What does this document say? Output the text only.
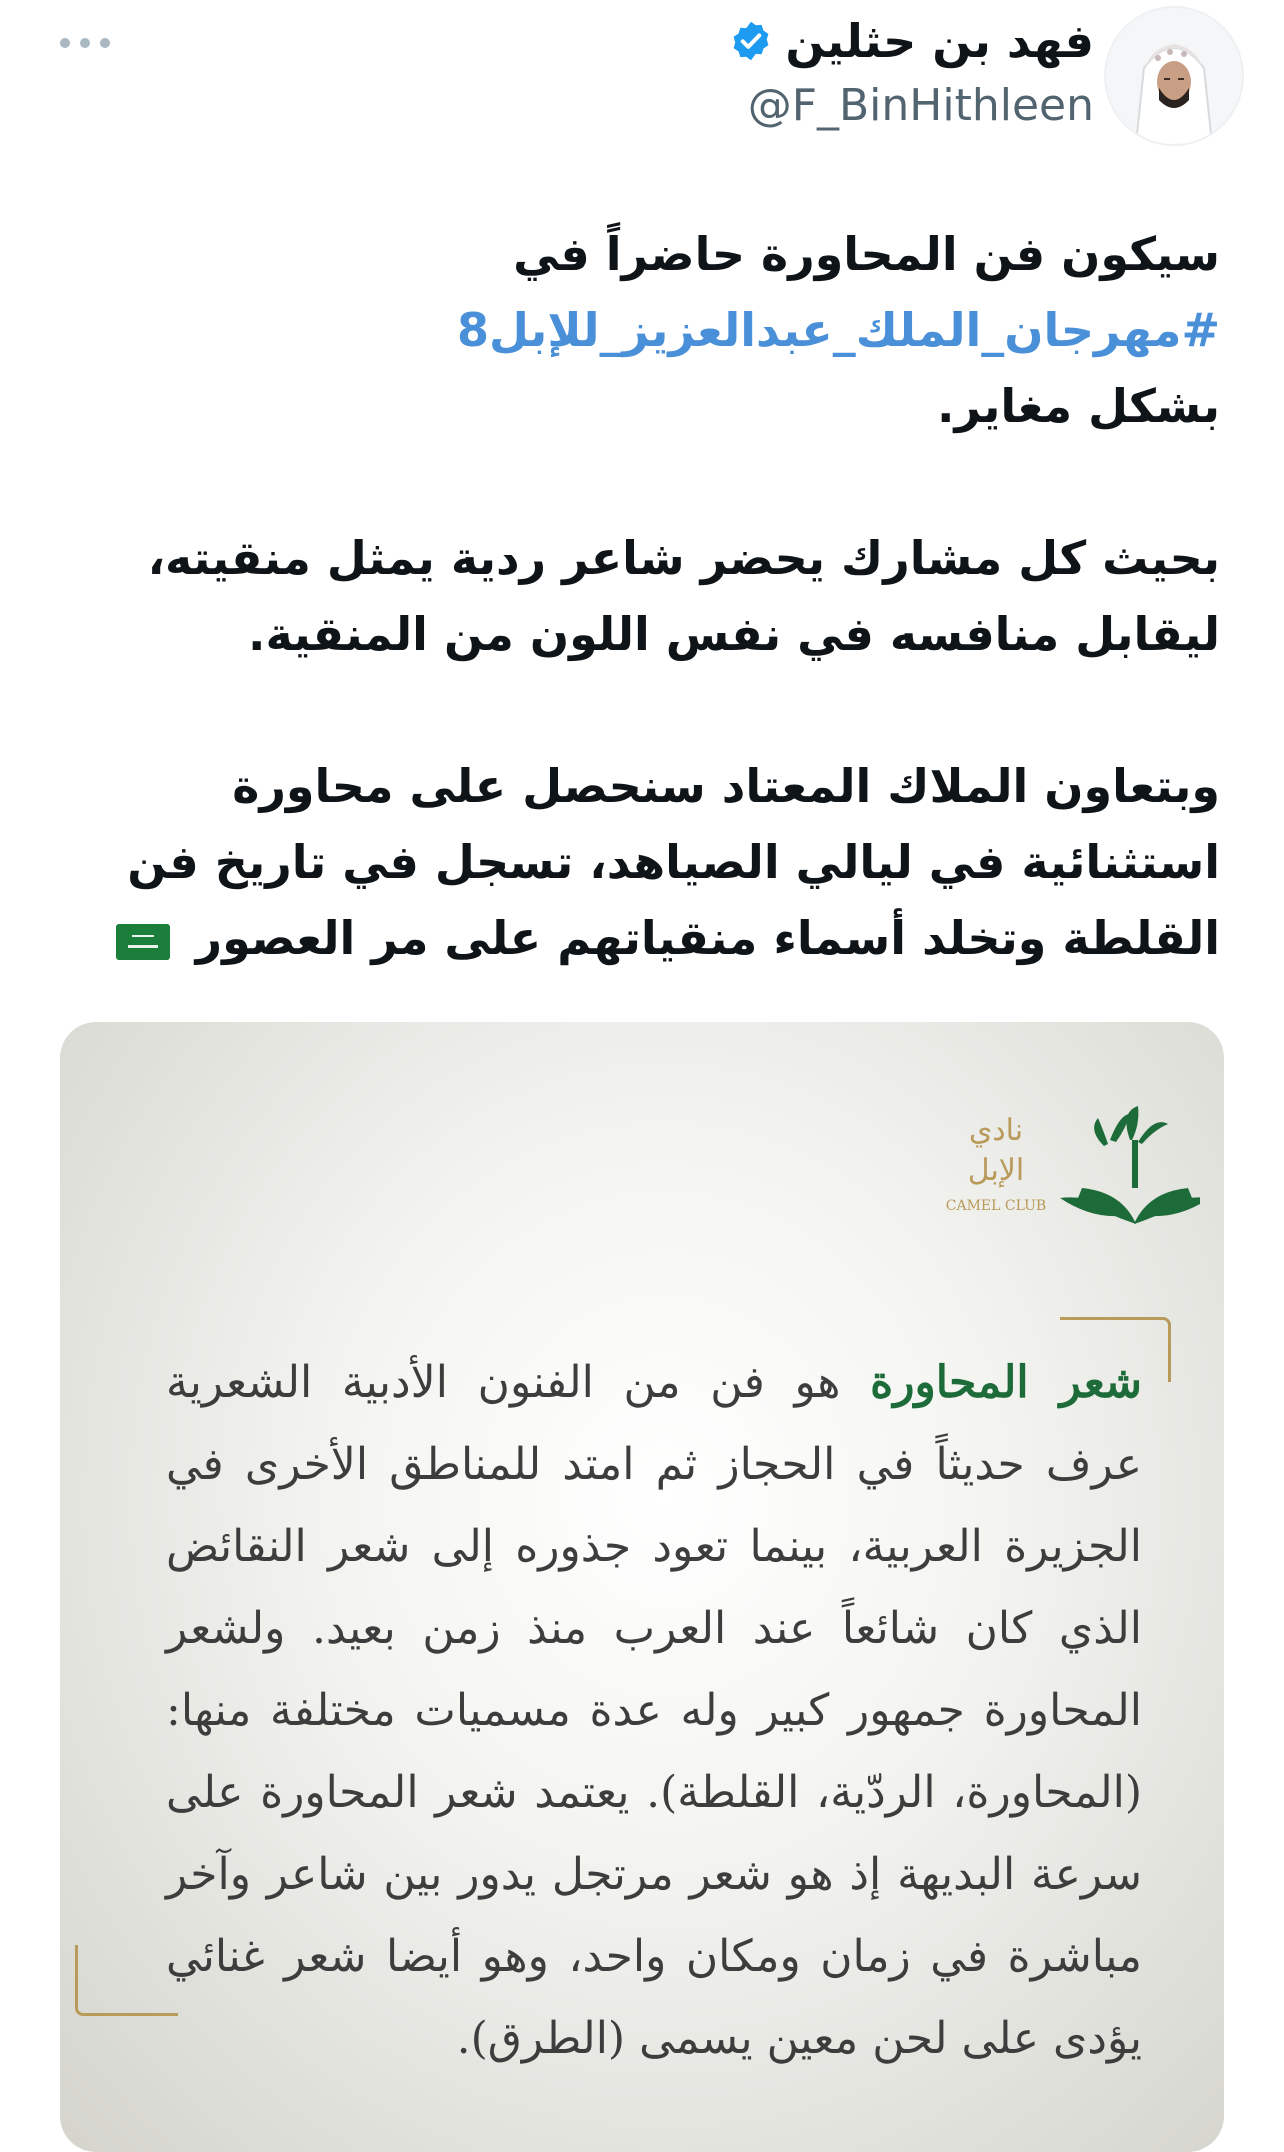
فهد بن حثلين
@F_BinHithleen

سيكون فن المحاورة حاضراً في
#مهرجان_الملك_عبدالعزيز_للإبل8
بشكل مغاير.

بحيث كل مشارك يحضر شاعر ردية يمثل منقيته، ليقابل منافسه في نفس اللون من المنقية.

وبتعاون الملاك المعتاد سنحصل على محاورة استثنائية في ليالي الصياهد، تسجل في تاريخ فن القلطة وتخلد أسماء منقياتهم على مر العصور

نادي
الإبل
CAMEL CLUB
شعر المحاورة هو فن من الفنون الأدبية الشعرية عرف حديثاً في الحجاز ثم امتد للمناطق الأخرى في الجزيرة العربية، بينما تعود جذوره إلى شعر النقائض الذي كان شائعاً عند العرب منذ زمن بعيد. ولشعر المحاورة جمهور كبير وله عدة مسميات مختلفة منها: (المحاورة، الردّية، القلطة). يعتمد شعر المحاورة على سرعة البديهة إذ هو شعر مرتجل يدور بين شاعر وآخر مباشرة في زمان ومكان واحد، وهو أيضا شعر غنائي يؤدى على لحن معين يسمى (الطرق).
